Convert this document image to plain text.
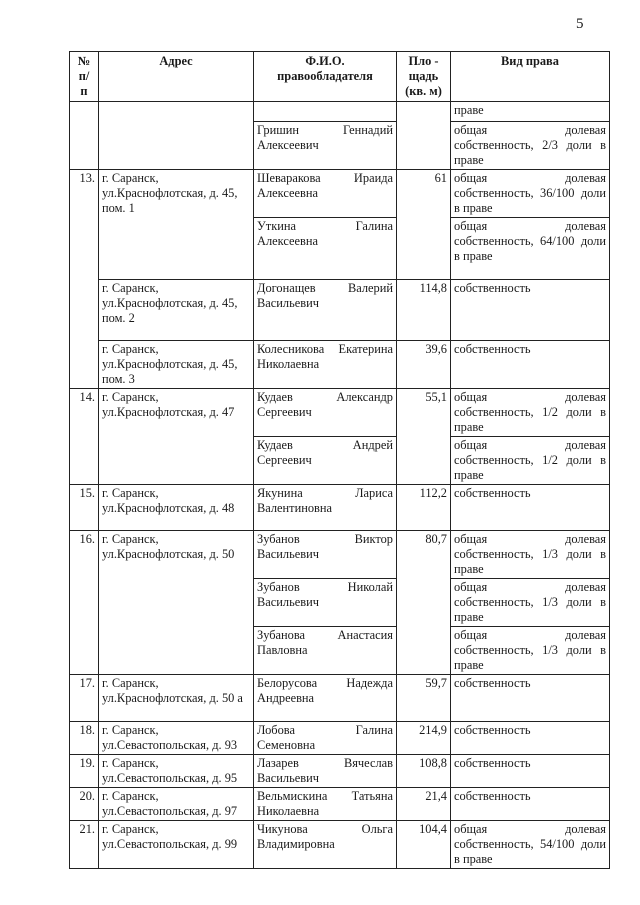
5
№
п/
п	Адрес	Ф.И.О.
правообладателя	Пло -
щадь
(кв. м)	Вид права
				праве
		Гришин Геннадий Алексеевич		общая долевая собственность, 2/3 доли в праве
13.	г. Саранск, ул.Краснофлотская, д. 45, пом. 1	Шеваракова Ираида Алексеевна	61	общая долевая собственность, 36/100 доли в праве
		Уткина Галина Алексеевна		общая долевая собственность, 64/100 доли в праве
	г. Саранск, ул.Краснофлотская, д. 45, пом. 2	Догонащев Валерий Васильевич	114,8	собственность
	г. Саранск, ул.Краснофлотская, д. 45, пом. 3	Колесникова Екатерина Николаевна	39,6	собственность
14.	г. Саранск, ул.Краснофлотская, д. 47	Кудаев Александр Сергеевич	55,1	общая долевая собственность, 1/2 доли в праве
		Кудаев Андрей Сергеевич		общая долевая собственность, 1/2 доли в праве
15.	г. Саранск, ул.Краснофлотская, д. 48	Якунина Лариса Валентиновна	112,2	собственность
16.	г. Саранск, ул.Краснофлотская, д. 50	Зубанов Виктор Васильевич	80,7	общая долевая собственность, 1/3 доли в праве
		Зубанов Николай Васильевич		общая долевая собственность, 1/3 доли в праве
		Зубанова Анастасия Павловна		общая долевая собственность, 1/3 доли в праве
17.	г. Саранск, ул.Краснофлотская, д. 50 а	Белорусова Надежда Андреевна	59,7	собственность
18.	г. Саранск, ул.Севастопольская, д. 93	Лобова Галина Семеновна	214,9	собственность
19.	г. Саранск, ул.Севастопольская, д. 95	Лазарев Вячеслав Васильевич	108,8	собственность
20.	г. Саранск, ул.Севастопольская, д. 97	Вельмискина Татьяна Николаевна	21,4	собственность
21.	г. Саранск, ул.Севастопольская, д. 99	Чикунова Ольга Владимировна	104,4	общая долевая собственность, 54/100 доли в праве
